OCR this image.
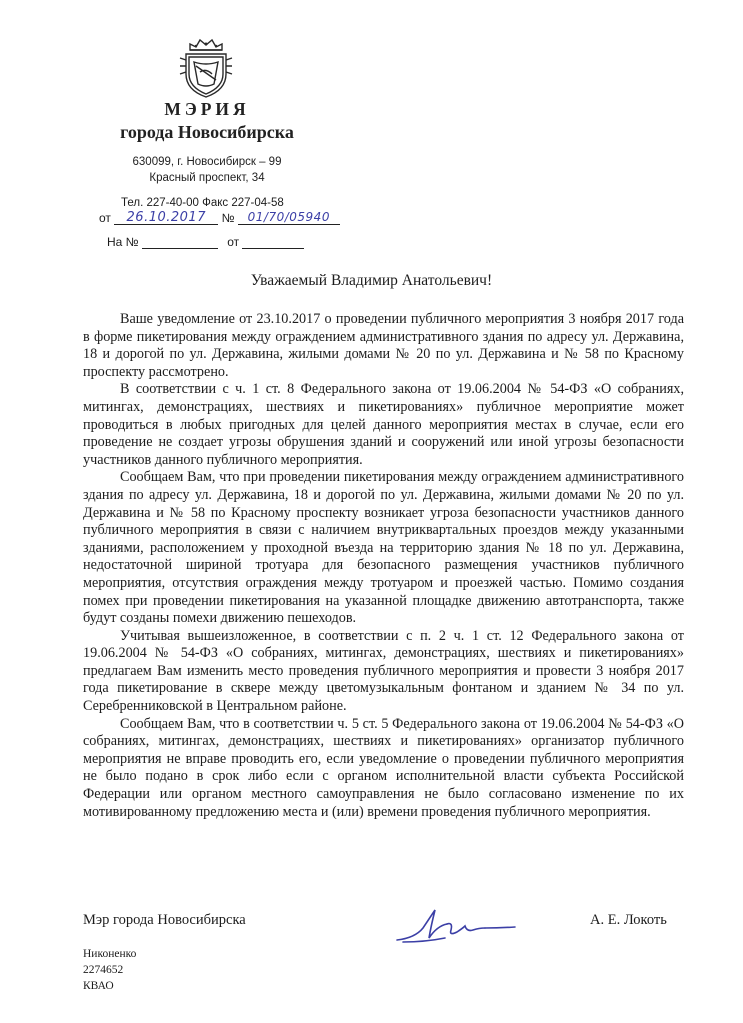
МЭРИЯ
города Новосибирска
630099, г. Новосибирск – 99
Красный проспект, 34
Тел. 227-40-00 Факс 227-04-58
от 26.10.2017 № 01/70/05940
На №	от
Уважаемый Владимир Анатольевич!

Ваше уведомление от 23.10.2017 о проведении публичного мероприятия 3 ноября 2017 года в форме пикетирования между ограждением административного здания по адресу ул. Державина, 18 и дорогой по ул. Державина, жилыми домами № 20 по ул. Державина и № 58 по Красному проспекту рассмотрено.

В соответствии с ч. 1 ст. 8 Федерального закона от 19.06.2004 № 54-ФЗ «О собраниях, митингах, демонстрациях, шествиях и пикетированиях» публичное мероприятие может проводиться в любых пригодных для целей данного мероприятия местах в случае, если его проведение не создает угрозы обрушения зданий и сооружений или иной угрозы безопасности участников данного публичного мероприятия.

Сообщаем Вам, что при проведении пикетирования между ограждением административного здания по адресу ул. Державина, 18 и дорогой по ул. Державина, жилыми домами № 20 по ул. Державина и № 58 по Красному проспекту возникает угроза безопасности участников данного публичного мероприятия в связи с наличием внутриквартальных проездов между указанными зданиями, расположением у проходной въезда на территорию здания № 18 по ул. Державина, недостаточной шириной тротуара для безопасного размещения участников публичного мероприятия, отсутствия ограждения между тротуаром и проезжей частью. Помимо создания помех при проведении пикетирования на указанной площадке движению автотранспорта, также будут созданы помехи движению пешеходов.

Учитывая вышеизложенное, в соответствии с п. 2 ч. 1 ст. 12 Федерального закона от 19.06.2004 № 54-ФЗ «О собраниях, митингах, демонстрациях, шествиях и пикетированиях» предлагаем Вам изменить место проведения публичного мероприятия и провести 3 ноября 2017 года пикетирование в сквере между цветомузыкальным фонтаном и зданием № 34 по ул. Серебренниковской в Центральном районе.

Сообщаем Вам, что в соответствии ч. 5 ст. 5 Федерального закона от 19.06.2004 № 54-ФЗ «О собраниях, митингах, демонстрациях, шествиях и пикетированиях» организатор публичного мероприятия не вправе проводить его, если уведомление о проведении публичного мероприятия не было подано в срок либо если с органом исполнительной власти субъекта Российской Федерации или органом местного самоуправления не было согласовано изменение по их мотивированному предложению места и (или) времени проведения публичного мероприятия.

Мэр города Новосибирска	А. Е. Локоть
Никоненко
2274652
КВАО
